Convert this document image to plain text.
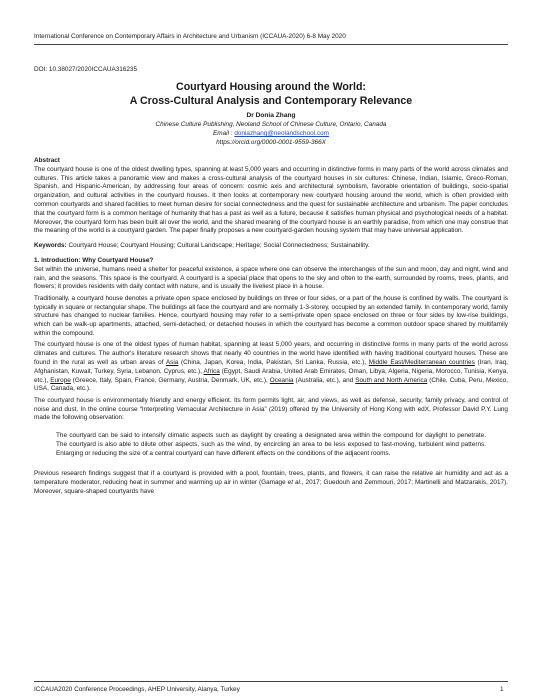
International Conference on Contemporary Affairs in Architecture and Urbanism (ICCAUA-2020) 6-8 May 2020
DOI: 10.38027/2020ICCAUA316235
Courtyard Housing around the World:
A Cross-Cultural Analysis and Contemporary Relevance
Dr Donia Zhang
Chinese Culture Publishing, Neoland School of Chinese Culture, Ontario, Canada
Email : doniazhang@neolandschool.com
https://orcid.org/0000-0001-9559-366X
Abstract

The courtyard house is one of the oldest dwelling types, spanning at least 5,000 years and occurring in distinctive forms in many parts of the world across climates and cultures. This article takes a panoramic view and makes a cross-cultural analysis of the courtyard houses in six cultures: Chinese, Indian, Islamic, Greco-Roman, Spanish, and Hispanic-American, by addressing four areas of concern: cosmic axis and architectural symbolism, favorable orientation of buildings, socio-spatial organization, and cultural activities in the courtyard houses. It then looks at contemporary new courtyard housing around the world, which is often provided with common courtyards and shared facilities to meet human desire for social connectedness and the quest for sustainable architecture and urbanism. The paper concludes that the courtyard form is a common heritage of humanity that has a past as well as a future, because it satisfies human physical and psychological needs of a habitat. Moreover, the courtyard form has been built all over the world, and the shared meaning of the courtyard house is an earthly paradise, from which one may construe that the meaning of the world is a courtyard garden. The paper finally proposes a new courtyard-garden housing system that may have universal application.

Keywords: Courtyard House; Courtyard Housing; Cultural Landscape; Heritage; Social Connectedness; Sustainability.

1. Introduction: Why Courtyard House?

Set within the universe, humans need a shelter for peaceful existence, a space where one can observe the interchanges of the sun and moon, day and night, wind and rain, and the seasons. This space is the courtyard. A courtyard is a special place that opens to the sky and often to the earth, surrounded by rooms, trees, plants, and flowers; it provides residents with daily contact with nature, and is usually the liveliest place in a house.

Traditionally, a courtyard house denotes a private open space enclosed by buildings on three or four sides, or a part of the house is confined by walls. The courtyard is typically in square or rectangular shape. The buildings all face the courtyard and are normally 1-3-storey, occupied by an extended family. In contemporary world, family structure has changed to nuclear families. Hence, courtyard housing may refer to a semi-private open space enclosed on three or four sides by low-rise buildings, which can be walk-up apartments, attached, semi-detached, or detached houses in which the courtyard has become a common outdoor space shared by multifamily within the compound.

The courtyard house is one of the oldest types of human habitat, spanning at least 5,000 years, and occurring in distinctive forms in many parts of the world across climates and cultures. The author's literature research shows that nearly 40 countries in the world have identified with having traditional courtyard houses. These are found in the rural as well as urban areas of Asia (China, Japan, Korea, India, Pakistan, Sri Lanka, Russia, etc.), Middle East/Mediterranean countries (Iran, Iraq, Afghanistan, Kuwait, Turkey, Syria, Lebanon, Cyprus, etc.), Africa (Egypt, Saudi Arabia, United Arab Emirates, Oman, Libya, Algeria, Nigeria, Morocco, Tunisia, Kenya, etc.), Europe (Greece, Italy, Spain, France, Germany, Austria, Denmark, UK, etc.), Oceania (Australia, etc.), and South and North America (Chile, Cuba, Peru, Mexico, USA, Canada, etc.).

The courtyard house is environmentally friendly and energy efficient. Its form permits light, air, and views, as well as defense, security, family privacy, and control of noise and dust. In the online course “Interpreting Vernacular Architecture in Asia” (2019) offered by the University of Hong Kong with edX, Professor David P.Y. Lung made the following observation:

The courtyard can be said to intensify climatic aspects such as daylight by creating a designated area within the compound for daylight to penetrate. The courtyard is also able to dilute other aspects, such as the wind, by encircling an area to be less exposed to fast-moving, turbulent wind patterns. Enlarging or reducing the size of a central courtyard can have different effects on the conditions of the adjacent rooms.

Previous research findings suggest that if a courtyard is provided with a pool, fountain, trees, plants, and flowers, it can raise the relative air humidity and act as a temperature moderator, reducing heat in summer and warming up air in winter (Gamage et al., 2017; Guedouh and Zemmouri, 2017; Martinelli and Matzarakis, 2017). Moreover, square-shaped courtyards have

ICCAUA2020 Conference Proceedings, AHEP University, Alanya, Turkey	1
